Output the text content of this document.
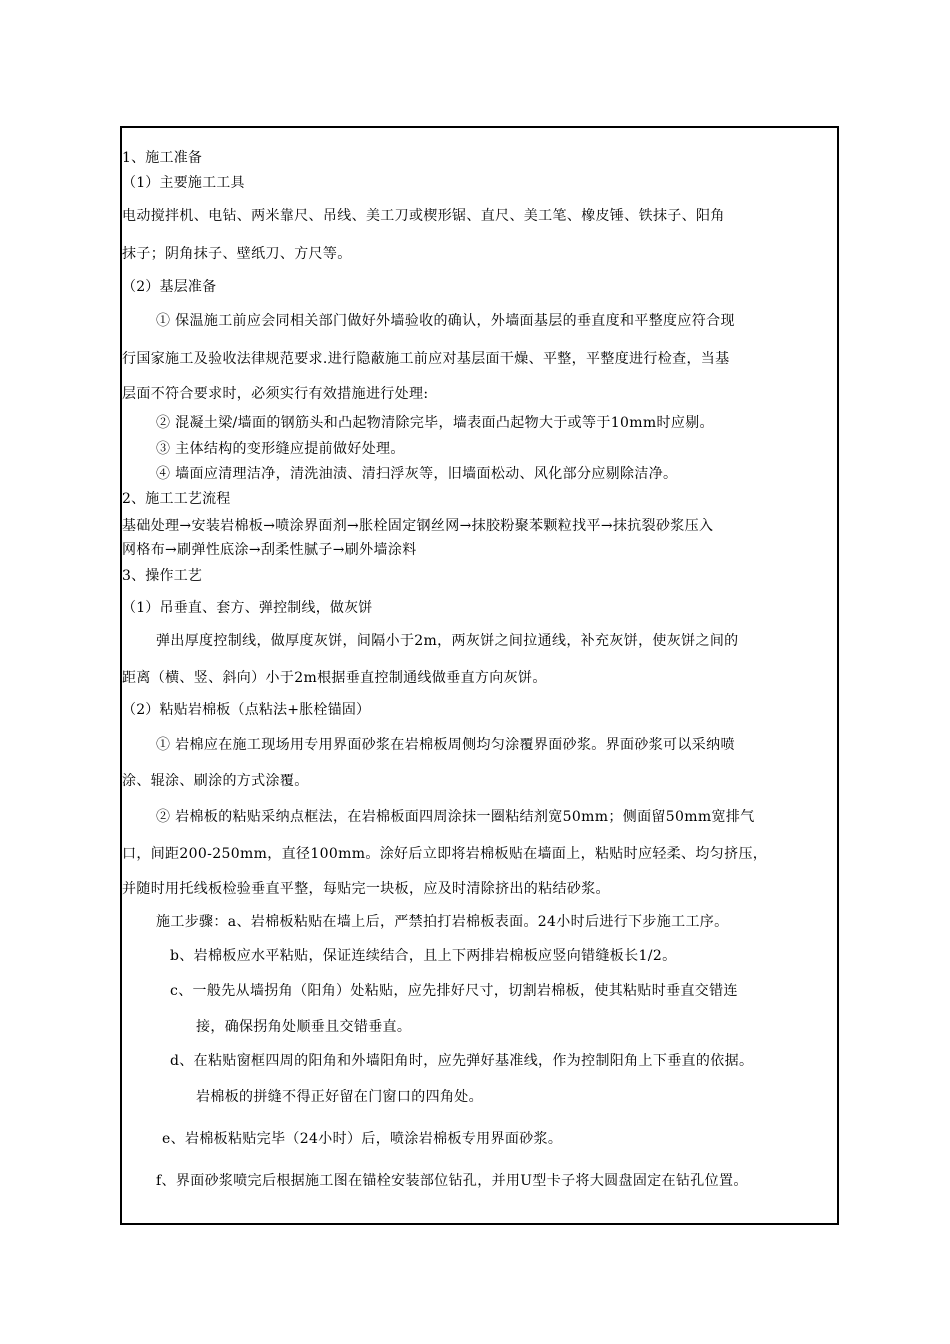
1、施工准备
（1）主要施工工具
电动搅拌机、电钻、两米靠尺、吊线、美工刀或楔形锯、直尺、美工笔、橡皮锤、铁抹子、阳角
抹子；阴角抹子、壁纸刀、方尺等。
（2）基层准备
① 保温施工前应会同相关部门做好外墙验收的确认，外墙面基层的垂直度和平整度应符合现
行国家施工及验收法律规范要求.进行隐蔽施工前应对基层面干燥、平整，平整度进行检查，当基
层面不符合要求时，必须实行有效措施进行处理:
② 混凝土梁/墙面的钢筋头和凸起物清除完毕，墙表面凸起物大于或等于10mm时应剔。
③ 主体结构的变形缝应提前做好处理。
④ 墙面应清理洁净，清洗油渍、清扫浮灰等，旧墙面松动、风化部分应剔除洁净。
2、施工工艺流程
基础处理→安装岩棉板→喷涂界面剂→胀栓固定钢丝网→抹胶粉聚苯颗粒找平→抹抗裂砂浆压入
网格布→刷弹性底涂→刮柔性腻子→刷外墙涂料
3、操作工艺
（1）吊垂直、套方、弹控制线，做灰饼
弹出厚度控制线，做厚度灰饼，间隔小于2m，两灰饼之间拉通线，补充灰饼，使灰饼之间的
距离（横、竖、斜向）小于2m根据垂直控制通线做垂直方向灰饼。
（2）粘贴岩棉板（点粘法+胀栓锚固）
① 岩棉应在施工现场用专用界面砂浆在岩棉板周侧均匀涂覆界面砂浆。界面砂浆可以采纳喷
涂、辊涂、刷涂的方式涂覆。
② 岩棉板的粘贴采纳点框法，在岩棉板面四周涂抹一圈粘结剂宽50mm；侧面留50mm宽排气
口，间距200-250mm，直径100mm。涂好后立即将岩棉板贴在墙面上，粘贴时应轻柔、均匀挤压，
并随时用托线板检验垂直平整，每贴完一块板，应及时清除挤出的粘结砂浆。
施工步骤：a、岩棉板粘贴在墙上后，严禁拍打岩棉板表面。24小时后进行下步施工工序。
b、岩棉板应水平粘贴，保证连续结合，且上下两排岩棉板应竖向错缝板长1/2。
c、一般先从墙拐角（阳角）处粘贴，应先排好尺寸，切割岩棉板，使其粘贴时垂直交错连
接，确保拐角处顺垂且交错垂直。
d、在粘贴窗框四周的阳角和外墙阳角时，应先弹好基准线，作为控制阳角上下垂直的依据。
岩棉板的拼缝不得正好留在门窗口的四角处。
e、岩棉板粘贴完毕（24小时）后，喷涂岩棉板专用界面砂浆。
f、界面砂浆喷完后根据施工图在锚栓安装部位钻孔，并用U型卡子将大圆盘固定在钻孔位置。
